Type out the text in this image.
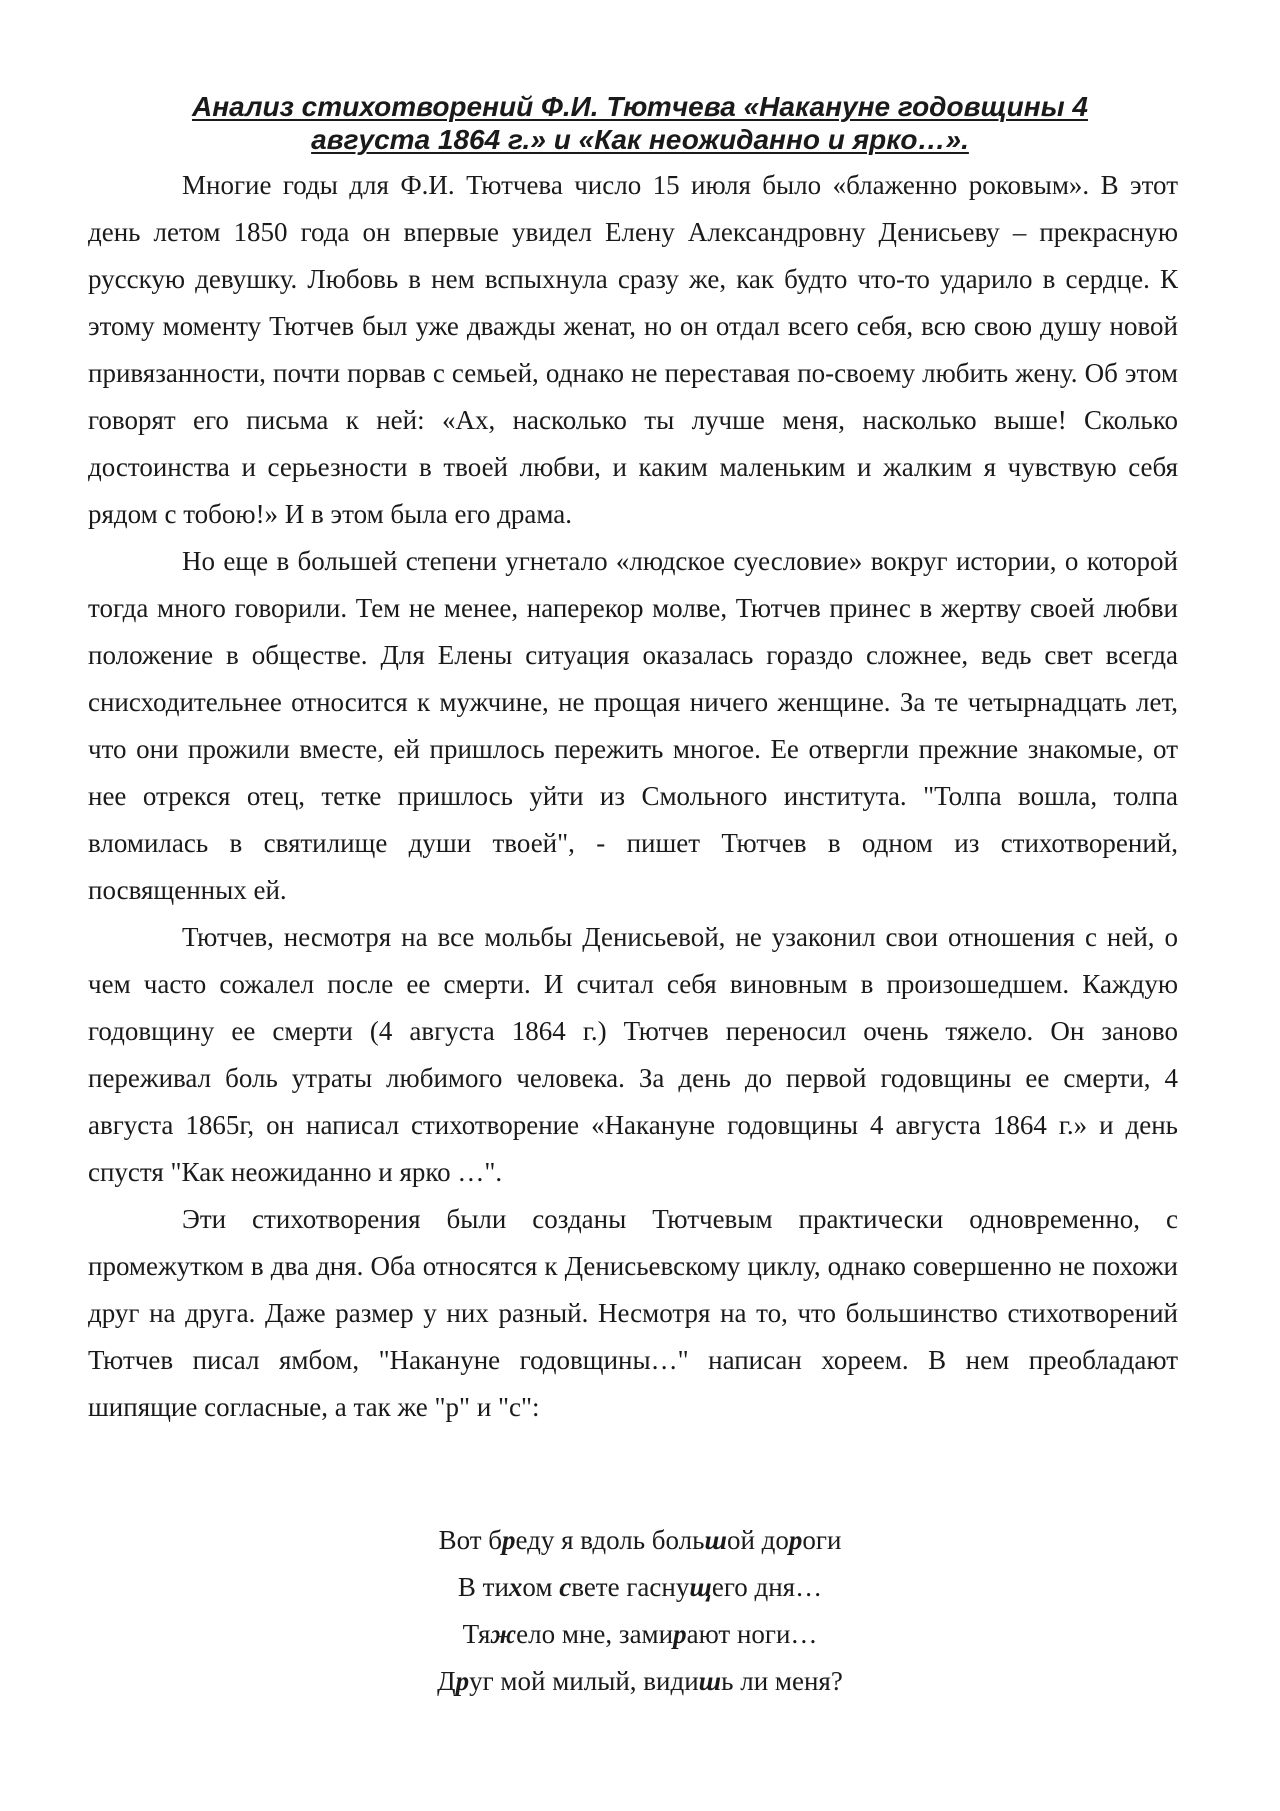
Анализ стихотворений Ф.И. Тютчева «Накануне годовщины 4
августа 1864 г.» и «Как неожиданно и ярко…».

Многие годы для Ф.И. Тютчева число 15 июля было «блаженно роковым». В этот день летом 1850 года он впервые увидел Елену Александровну Денисьеву – прекрасную русскую девушку. Любовь в нем вспыхнула сразу же, как будто что-то ударило в сердце. К этому моменту Тютчев был уже дважды женат, но он отдал всего себя, всю свою душу новой привязанности, почти порвав с семьей, однако не переставая по-своему любить жену. Об этом говорят его письма к ней: «Ах, насколько ты лучше меня, насколько выше! Сколько достоинства и серьезности в твоей любви, и каким маленьким и жалким я чувствую себя рядом с тобою!» И в этом была его драма.

Но еще в большей степени угнетало «людское суесловие» вокруг истории, о которой тогда много говорили. Тем не менее, наперекор молве, Тютчев принес в жертву своей любви положение в обществе. Для Елены ситуация оказалась гораздо сложнее, ведь свет всегда снисходительнее относится к мужчине, не прощая ничего женщине. За те четырнадцать лет, что они прожили вместе, ей пришлось пережить многое. Ее отвергли прежние знакомые, от нее отрекся отец, тетке пришлось уйти из Смольного института. "Толпа вошла, толпа вломилась в святилище души твоей", - пишет Тютчев в одном из стихотворений, посвященных ей.

Тютчев, несмотря на все мольбы Денисьевой, не узаконил свои отношения с ней, о чем часто сожалел после ее смерти. И считал себя виновным в произошедшем. Каждую годовщину ее смерти (4 августа 1864 г.) Тютчев переносил очень тяжело. Он заново переживал боль утраты любимого человека. За день до первой годовщины ее смерти, 4 августа 1865г, он написал стихотворение «Накануне годовщины 4 августа 1864 г.» и день спустя "Как неожиданно и ярко …".

Эти стихотворения были созданы Тютчевым практически одновременно, с промежутком в два дня. Оба относятся к Денисьевскому циклу, однако совершенно не похожи друг на друга. Даже размер у них разный. Несмотря на то, что большинство стихотворений Тютчев писал ямбом, "Накануне годовщины…" написан хореем. В нем преобладают шипящие согласные, а так же "р" и "с":

Вот бреду я вдоль большой дороги
В тихом свете гаснущего дня…
Тяжело мне, замирают ноги…
Друг мой милый, видишь ли меня?
